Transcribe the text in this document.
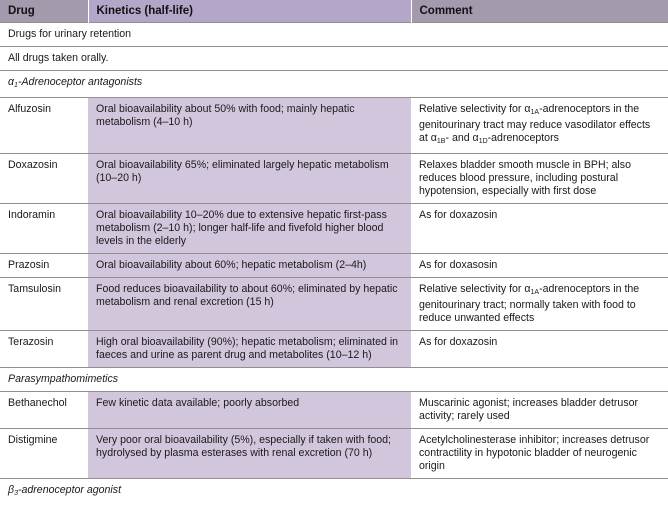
Drug	Kinetics (half-life)	Comment
Drugs for urinary retention		
All drugs taken orally.		
$\alpha_1$-Adrenoceptor antagonists		
Alfuzosin	Oral bioavailability about 50% with food; mainly hepatic metabolism (4–10 h)	Relative selectivity for $\alpha_{1A}$-adrenoceptors in the genitourinary tract may reduce vasodilator effects at $\alpha_{1B}-$ and $\alpha_{1D}$-adrenoceptors
Doxazosin	Oral bioavailability 65%; eliminated largely hepatic metabolism (10–20 h)	Relaxes bladder smooth muscle in BPH; also reduces blood pressure, including postural hypotension, especially with first dose
Indoramin	Oral bioavailability 10–20% due to extensive hepatic first-pass metabolism (2–10 h); longer half-life and fivefold higher blood levels in the elderly	As for doxazosin
Prazosin	Oral bioavailability about 60%; hepatic metabolism (2–4h)	As for doxasosin
Tamsulosin	Food reduces bioavailability to about 60%; eliminated by hepatic metabolism and renal excretion (15 h)	Relative selectivity for $\alpha_{1A}$-adrenoceptors in the genitourinary tract; normally taken with food to reduce unwanted effects
Terazosin	High oral bioavailability (90%); hepatic metabolism; eliminated in faeces and urine as parent drug and metabolites (10–12 h)	As for doxazosin
Parasympathomimetics		
Bethanechol	Few kinetic data available; poorly absorbed	Muscarinic agonist; increases bladder detrusor activity; rarely used
Distigmine	Very poor oral bioavailability (5%), especially if taken with food; hydrolysed by plasma esterases with renal excretion (70 h)	Acetylcholinesterase inhibitor; increases detrusor contractility in hypotonic bladder of neurogenic origin
$\beta_3$-adrenoceptor agonist		
